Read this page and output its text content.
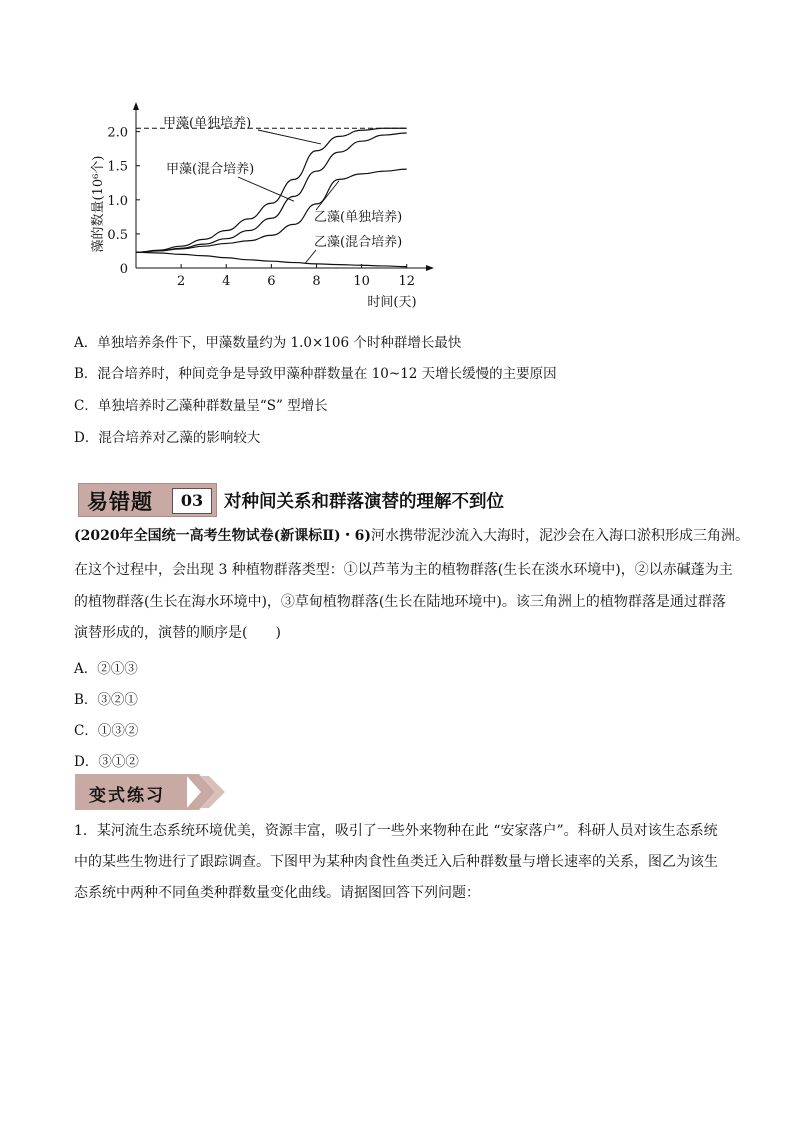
2	4	6	8	10 12
0
0.5
1.0
1.5
2.0
藻的数量(10⁶个)
时间(天)
甲藻(单独培养)
甲藻(混合培养)
乙藻(单独培养)
乙藻(混合培养)
A．单独培养条件下，甲藻数量约为 1.0×106 个时种群增长最快
B．混合培养时，种间竞争是导致甲藻种群数量在 10~12 天增长缓慢的主要原因
C．单独培养时乙藻种群数量呈“S” 型增长
D．混合培养对乙藻的影响较大
易错题	03	对种间关系和群落演替的理解不到位
(2020年全国统一高考生物试卷(新课标Ⅱ)・6)河水携带泥沙流入大海时，泥沙会在入海口淤积形成三角洲。
在这个过程中，会出现 3 种植物群落类型：①以芦苇为主的植物群落(生长在淡水环境中)，②以赤碱蓬为主
的植物群落(生长在海水环境中)，③草甸植物群落(生长在陆地环境中)。该三角洲上的植物群落是通过群落
演替形成的，演替的顺序是(　　)
A．②①③
B．③②①
C．①③②
D．③①②
变式练习
1．某河流生态系统环境优美，资源丰富，吸引了一些外来物种在此 “安家落户”。科研人员对该生态系统
中的某些生物进行了跟踪调查。下图甲为某种肉食性鱼类迁入后种群数量与增长速率的关系，图乙为该生
态系统中两种不同鱼类种群数量变化曲线。请据图回答下列问题：
